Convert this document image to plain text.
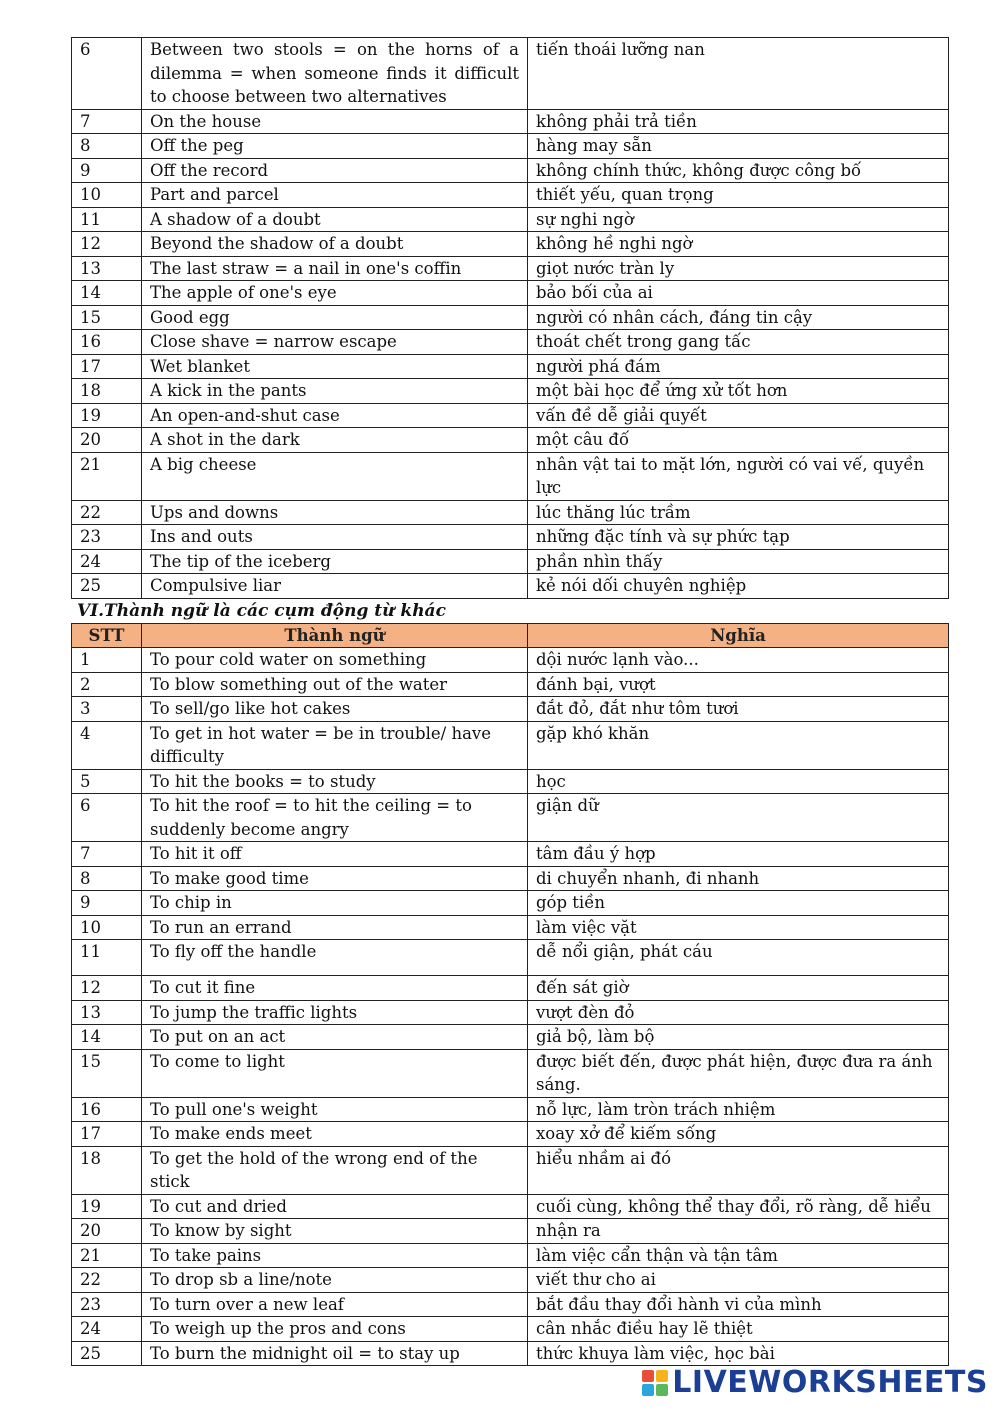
6	Between two stools = on the horns of a dilemma = when someone finds it difficult to choose between two alternatives	tiến thoái lưỡng nan
7	On the house	không phải trả tiền
8	Off the peg	hàng may sẵn
9	Off the record	không chính thức, không được công bố
10	Part and parcel	thiết yếu, quan trọng
11	A shadow of a doubt	sự nghi ngờ
12	Beyond the shadow of a doubt	không hề nghi ngờ
13	The last straw = a nail in one's coffin	giọt nước tràn ly
14	The apple of one's eye	bảo bối của ai
15	Good egg	người có nhân cách, đáng tin cậy
16	Close shave = narrow escape	thoát chết trong gang tấc
17	Wet blanket	người phá đám
18	A kick in the pants	một bài học để ứng xử tốt hơn
19	An open-and-shut case	vấn đề dễ giải quyết
20	A shot in the dark	một câu đố
21	A big cheese	nhân vật tai to mặt lớn, người có vai vế, quyền lực
22	Ups and downs	lúc thăng lúc trầm
23	Ins and outs	những đặc tính và sự phức tạp
24	The tip of the iceberg	phần nhìn thấy
25	Compulsive liar	kẻ nói dối chuyên nghiệp
VI.Thành ngữ là các cụm động từ khác
STT	Thành ngữ	Nghĩa
1	To pour cold water on something	dội nước lạnh vào...
2	To blow something out of the water	đánh bại, vượt
3	To sell/go like hot cakes	đắt đỏ, đắt như tôm tươi
4	To get in hot water = be in trouble/ have difficulty	gặp khó khăn
5	To hit the books = to study	học
6	To hit the roof = to hit the ceiling = to suddenly become angry	giận dữ
7	To hit it off	tâm đầu ý hợp
8	To make good time	di chuyển nhanh, đi nhanh
9	To chip in	góp tiền
10	To run an errand	làm việc vặt
11	To fly off the handle	dễ nổi giận, phát cáu
12	To cut it fine	đến sát giờ
13	To jump the traffic lights	vượt đèn đỏ
14	To put on an act	giả bộ, làm bộ
15	To come to light	được biết đến, được phát hiện, được đưa ra ánh sáng.
16	To pull one's weight	nỗ lực, làm tròn trách nhiệm
17	To make ends meet	xoay xở để kiếm sống
18	To get the hold of the wrong end of the stick	hiểu nhầm ai đó
19	To cut and dried	cuối cùng, không thể thay đổi, rõ ràng, dễ hiểu
20	To know by sight	nhận ra
21	To take pains	làm việc cẩn thận và tận tâm
22	To drop sb a line/note	viết thư cho ai
23	To turn over a new leaf	bắt đầu thay đổi hành vi của mình
24	To weigh up the pros and cons	cân nhắc điều hay lẽ thiệt
25	To burn the midnight oil = to stay up	thức khuya làm việc, học bài
LIVEWORKSHEETS
